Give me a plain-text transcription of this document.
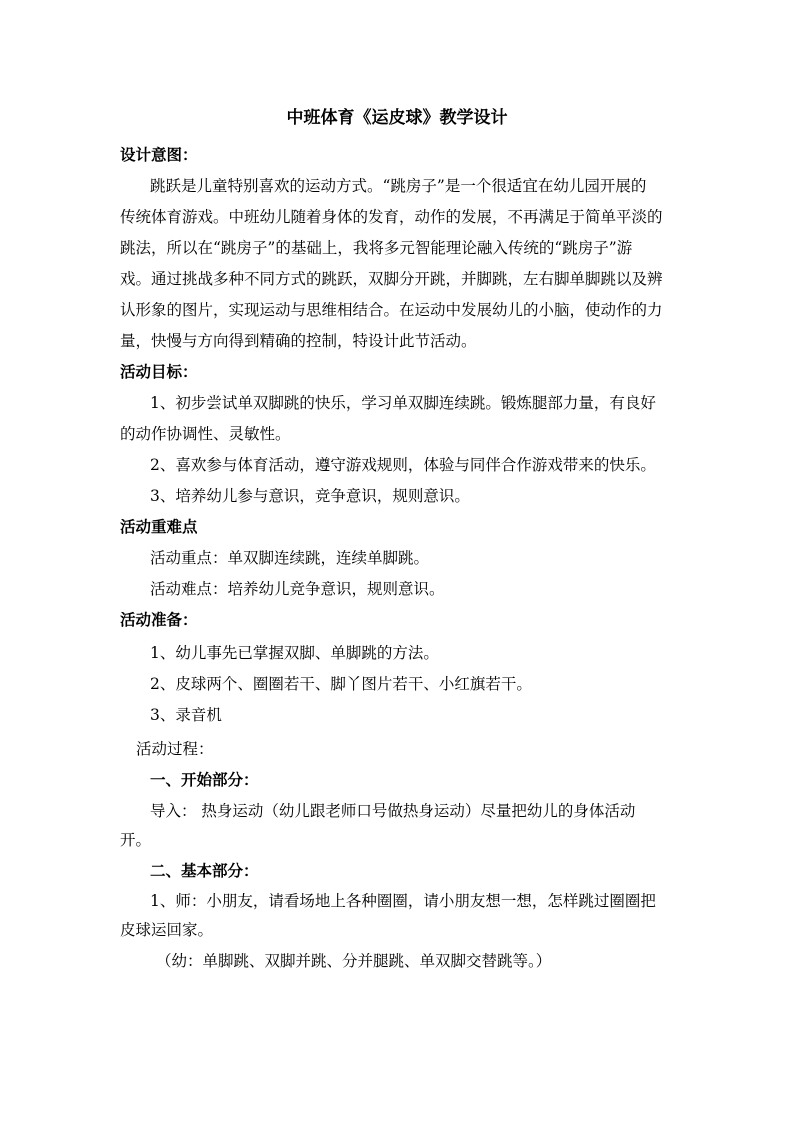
中班体育《运皮球》教学设计
设计意图：
跳跃是儿童特别喜欢的运动方式。“跳房子”是一个很适宜在幼儿园开展的
传统体育游戏。中班幼儿随着身体的发育，动作的发展，不再满足于简单平淡的
跳法，所以在“跳房子”的基础上，我将多元智能理论融入传统的“跳房子”游
戏。通过挑战多种不同方式的跳跃，双脚分开跳，并脚跳，左右脚单脚跳以及辨
认形象的图片，实现运动与思维相结合。在运动中发展幼儿的小脑，使动作的力
量，快慢与方向得到精确的控制，特设计此节活动。
活动目标：
1、初步尝试单双脚跳的快乐，学习单双脚连续跳。锻炼腿部力量，有良好
的动作协调性、灵敏性。
2、喜欢参与体育活动，遵守游戏规则，体验与同伴合作游戏带来的快乐。
3、培养幼儿参与意识，竞争意识，规则意识。
活动重难点
活动重点：单双脚连续跳，连续单脚跳。
活动难点：培养幼儿竞争意识，规则意识。
活动准备：
1、幼儿事先已掌握双脚、单脚跳的方法。
2、皮球两个、圈圈若干、脚丫图片若干、小红旗若干。
3、录音机
活动过程：
一、开始部分：
导入： 热身运动（幼儿跟老师口号做热身运动）尽量把幼儿的身体活动
开。
二、基本部分：
1、师：小朋友，请看场地上各种圈圈，请小朋友想一想，怎样跳过圈圈把
皮球运回家。
（幼：单脚跳、双脚并跳、分并腿跳、单双脚交替跳等。）
